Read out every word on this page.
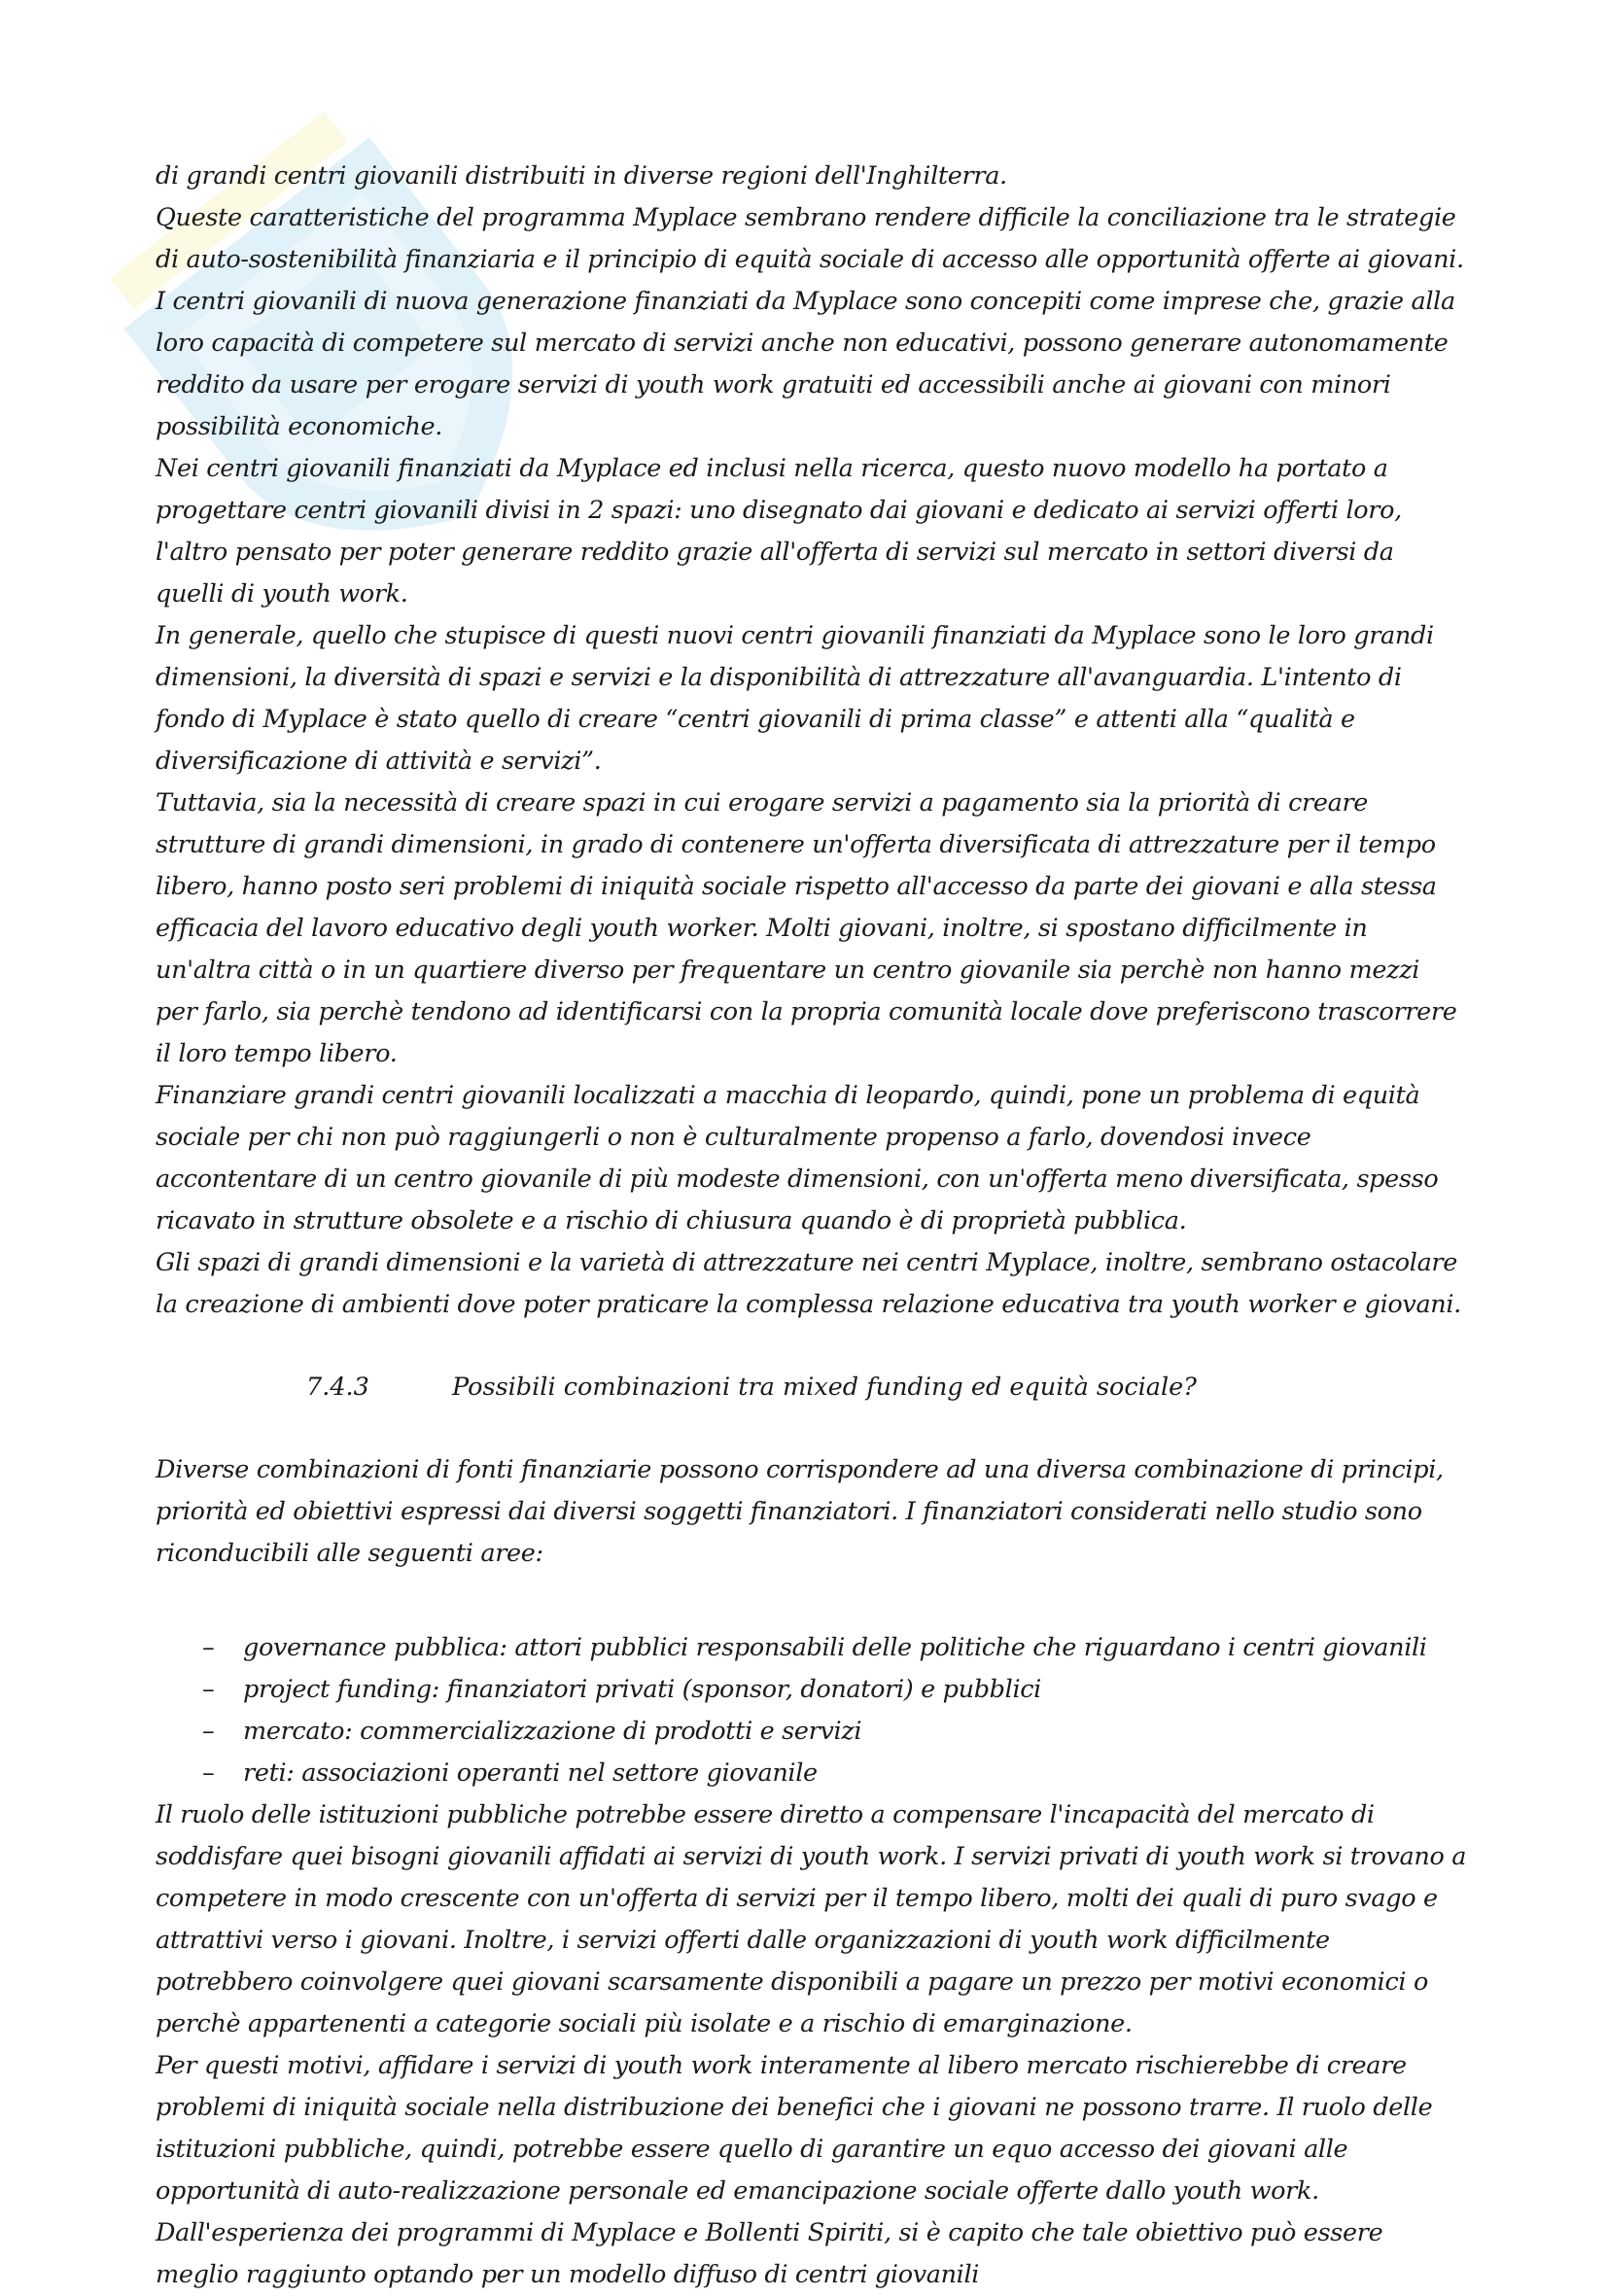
di grandi centri giovanili distribuiti in diverse regioni dell'Inghilterra.

Queste caratteristiche del programma Myplace sembrano rendere difficile la conciliazione tra le strategie di auto-sostenibilità finanziaria e il principio di equità sociale di accesso alle opportunità offerte ai giovani.

I centri giovanili di nuova generazione finanziati da Myplace sono concepiti come imprese che, grazie alla loro capacità di competere sul mercato di servizi anche non educativi, possono generare autonomamente reddito da usare per erogare servizi di youth work gratuiti ed accessibili anche ai giovani con minori possibilità economiche.

Nei centri giovanili finanziati da Myplace ed inclusi nella ricerca, questo nuovo modello ha portato a progettare centri giovanili divisi in 2 spazi: uno disegnato dai giovani e dedicato ai servizi offerti loro, l'altro pensato per poter generare reddito grazie all'offerta di servizi sul mercato in settori diversi da quelli di youth work.

In generale, quello che stupisce di questi nuovi centri giovanili finanziati da Myplace sono le loro grandi dimensioni, la diversità di spazi e servizi e la disponibilità di attrezzature all'avanguardia. L'intento di fondo di Myplace è stato quello di creare “centri giovanili di prima classe” e attenti alla “qualità e diversificazione di attività e servizi”.

Tuttavia, sia la necessità di creare spazi in cui erogare servizi a pagamento sia la priorità di creare strutture di grandi dimensioni, in grado di contenere un'offerta diversificata di attrezzature per il tempo libero, hanno posto seri problemi di iniquità sociale rispetto all'accesso da parte dei giovani e alla stessa efficacia del lavoro educativo degli youth worker. Molti giovani, inoltre, si spostano difficilmente in un'altra città o in un quartiere diverso per frequentare un centro giovanile sia perchè non hanno mezzi per farlo, sia perchè tendono ad identificarsi con la propria comunità locale dove preferiscono trascorrere il loro tempo libero.

Finanziare grandi centri giovanili localizzati a macchia di leopardo, quindi, pone un problema di equità sociale per chi non può raggiungerli o non è culturalmente propenso a farlo, dovendosi invece accontentare di un centro giovanile di più modeste dimensioni, con un'offerta meno diversificata, spesso ricavato in strutture obsolete e a rischio di chiusura quando è di proprietà pubblica.

Gli spazi di grandi dimensioni e la varietà di attrezzature nei centri Myplace, inoltre, sembrano ostacolare la creazione di ambienti dove poter praticare la complessa relazione educativa tra youth worker e giovani.

7.4.3	Possibili combinazioni tra mixed funding ed equità sociale?

Diverse combinazioni di fonti finanziarie possono corrispondere ad una diversa combinazione di principi, priorità ed obiettivi espressi dai diversi soggetti finanziatori. I finanziatori considerati nello studio sono riconducibili alle seguenti aree:

–	governance pubblica: attori pubblici responsabili delle politiche che riguardano i centri giovanili
–	project funding: finanziatori privati (sponsor, donatori) e pubblici
–	mercato: commercializzazione di prodotti e servizi
–	reti: associazioni operanti nel settore giovanile

Il ruolo delle istituzioni pubbliche potrebbe essere diretto a compensare l'incapacità del mercato di soddisfare quei bisogni giovanili affidati ai servizi di youth work. I servizi privati di youth work si trovano a competere in modo crescente con un'offerta di servizi per il tempo libero, molti dei quali di puro svago e attrattivi verso i giovani. Inoltre, i servizi offerti dalle organizzazioni di youth work difficilmente potrebbero coinvolgere quei giovani scarsamente disponibili a pagare un prezzo per motivi economici o perchè appartenenti a categorie sociali più isolate e a rischio di emarginazione.

Per questi motivi, affidare i servizi di youth work interamente al libero mercato rischierebbe di creare problemi di iniquità sociale nella distribuzione dei benefici che i giovani ne possono trarre. Il ruolo delle istituzioni pubbliche, quindi, potrebbe essere quello di garantire un equo accesso dei giovani alle opportunità di auto-realizzazione personale ed emancipazione sociale offerte dallo youth work. Dall'esperienza dei programmi di Myplace e Bollenti Spiriti, si è capito che tale obiettivo può essere meglio raggiunto optando per un modello diffuso di centri giovanili
